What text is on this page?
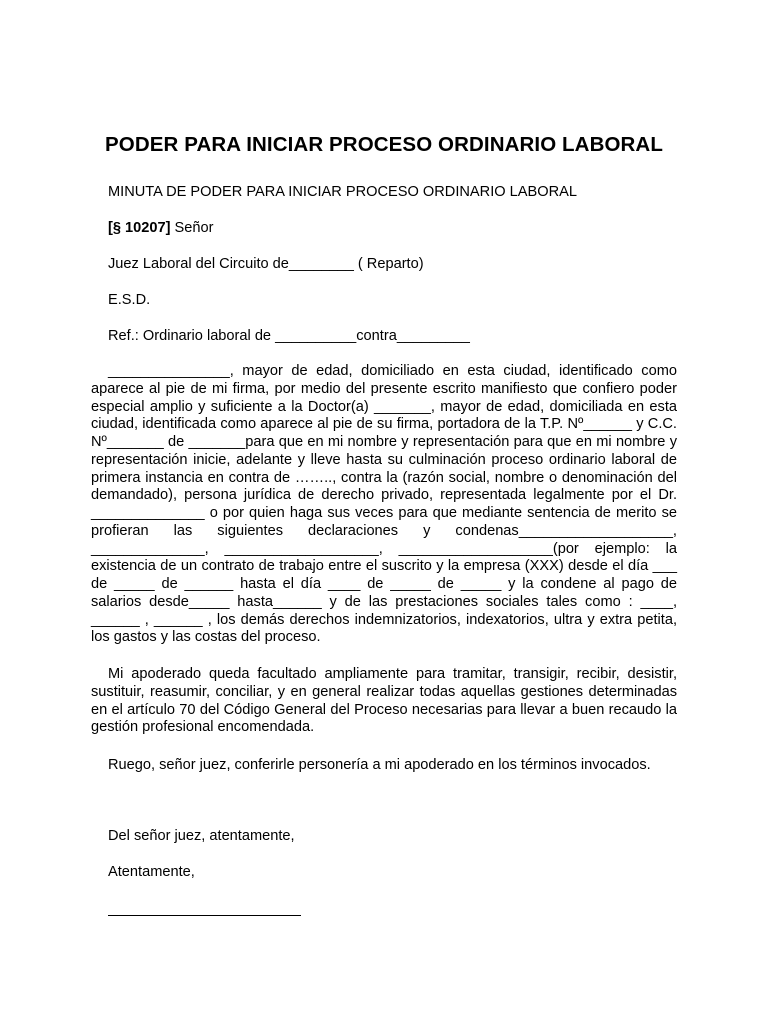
PODER PARA INICIAR PROCESO ORDINARIO LABORAL
MINUTA DE PODER PARA INICIAR PROCESO ORDINARIO LABORAL
[§ 10207] Señor
Juez Laboral del Circuito de________ ( Reparto)
E.S.D.
Ref.: Ordinario laboral de __________contra_________

_______________, mayor de edad, domiciliado en esta ciudad, identificado como aparece al pie de mi firma, por medio del presente escrito manifiesto que confiero poder especial amplio y suficiente a la Doctor(a) _______, mayor de edad, domiciliada en esta ciudad, identificada como aparece al pie de su firma, portadora de la T.P. Nº______ y C.C. Nº_______ de _______para que en mi nombre y representación para que en mi nombre y representación inicie, adelante y lleve hasta su culminación proceso ordinario laboral de primera instancia en contra de …….., contra la (razón social, nombre o denominación del demandado), persona jurídica de derecho privado, representada legalmente por el Dr. ______________ o por quien haga sus veces para que mediante sentencia de merito se profieran las siguientes declaraciones y condenas___________________, ______________, ___________________, ___________________(por ejemplo: la existencia de un contrato de trabajo entre el suscrito y la empresa (XXX) desde el día ___ de _____ de ______ hasta el día ____ de _____ de _____ y la condene al pago de salarios desde_____ hasta______ y de las prestaciones sociales tales como : ____, ______ , ______ , los demás derechos indemnizatorios, indexatorios, ultra y extra petita, los gastos y las costas del proceso.

Mi apoderado queda facultado ampliamente para tramitar, transigir, recibir, desistir, sustituir, reasumir, conciliar, y en general realizar todas aquellas gestiones determinadas en el artículo 70 del Código General del Proceso necesarias para llevar a buen recaudo la gestión profesional encomendada.

Ruego, señor juez, conferirle personería a mi apoderado en los términos invocados.
Del señor juez, atentamente,
Atentamente,
